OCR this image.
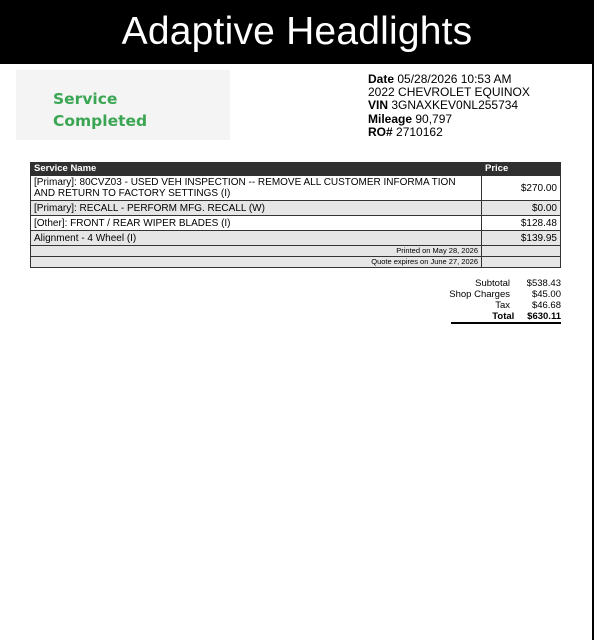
Adaptive Headlights
Service
Completed
Date 05/28/2026 10:53 AM
2022 CHEVROLET EQUINOX
VIN 3GNAXKEV0NL255734
Mileage 90,797
RO# 2710162
Service Name	Price
[Primary]: 80CVZ03 - USED VEH INSPECTION -- REMOVE ALL CUSTOMER INFORMA TION AND RETURN TO FACTORY SETTINGS (I)	$270.00
[Primary]: RECALL - PERFORM MFG. RECALL (W)	$0.00
[Other]: FRONT / REAR WIPER BLADES (I)	$128.48
Alignment - 4 Wheel (I)	$139.95
Printed on May 28, 2026	
Quote expires on June 27, 2026	
Subtotal	$538.43
Shop Charges	$45.00
Tax	$46.68
Total	$630.11
